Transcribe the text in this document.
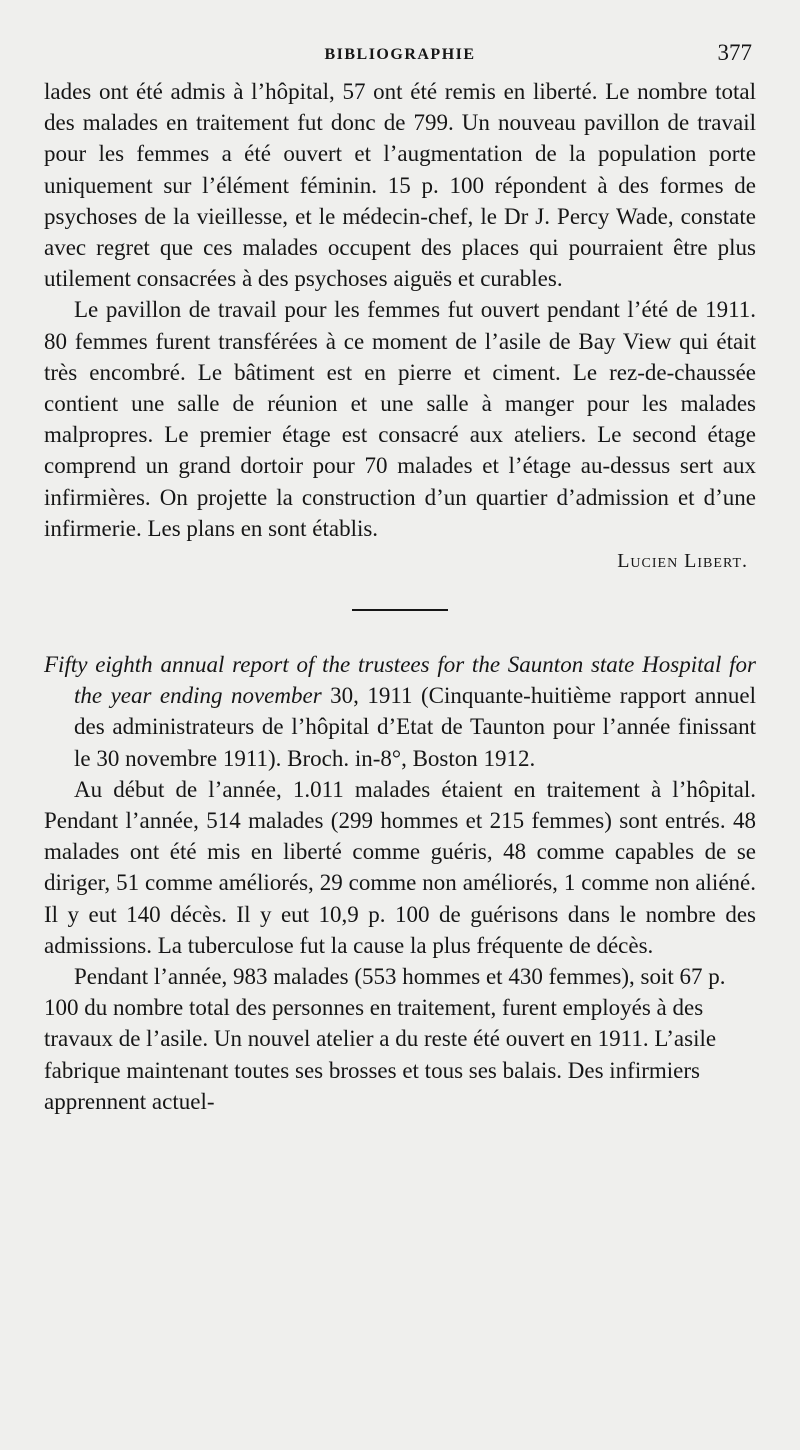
BIBLIOGRAPHIE	377

lades ont été admis à l’hôpital, 57 ont été remis en liberté. Le nombre total des malades en traitement fut donc de 799. Un nouveau pavillon de travail pour les femmes a été ouvert et l’augmentation de la population porte uniquement sur l’élément féminin. 15 p. 100 répondent à des formes de psychoses de la vieillesse, et le médecin-chef, le Dr J. Percy Wade, constate avec regret que ces malades occupent des places qui pourraient être plus utilement consacrées à des psychoses aiguës et curables.

Le pavillon de travail pour les femmes fut ouvert pendant l’été de 1911. 80 femmes furent transférées à ce moment de l’asile de Bay View qui était très encombré. Le bâtiment est en pierre et ciment. Le rez-de-chaussée contient une salle de réunion et une salle à manger pour les malades malpropres. Le premier étage est consacré aux ateliers. Le second étage comprend un grand dortoir pour 70 malades et l’étage au-dessus sert aux infirmières. On projette la construction d’un quartier d’admission et d’une infirmerie. Les plans en sont établis.

Lucien Libert.

Fifty eighth annual report of the trustees for the Saunton state Hospital for the year ending november 30, 1911 (Cinquante-huitième rapport annuel des administrateurs de l’hôpital d’Etat de Taunton pour l’année finissant le 30 novembre 1911). Broch. in-8°, Boston 1912.

Au début de l’année, 1.011 malades étaient en traitement à l’hôpital. Pendant l’année, 514 malades (299 hommes et 215 femmes) sont entrés. 48 malades ont été mis en liberté comme guéris, 48 comme capables de se diriger, 51 comme améliorés, 29 comme non améliorés, 1 comme non aliéné. Il y eut 140 décès. Il y eut 10,9 p. 100 de guérisons dans le nombre des admissions. La tuberculose fut la cause la plus fréquente de décès.

Pendant l’année, 983 malades (553 hommes et 430 femmes), soit 67 p. 100 du nombre total des personnes en traitement, furent employés à des travaux de l’asile. Un nouvel atelier a du reste été ouvert en 1911. L’asile fabrique maintenant toutes ses brosses et tous ses balais. Des infirmiers apprennent actuel-
